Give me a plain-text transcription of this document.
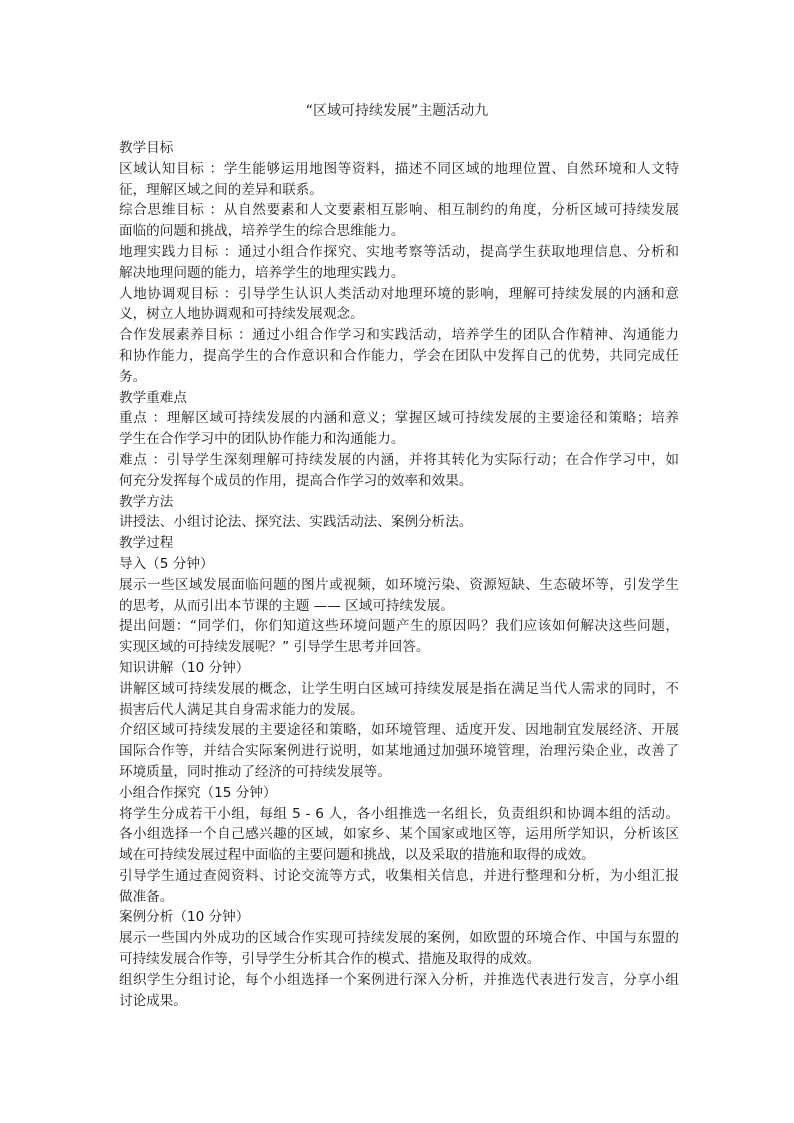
“区域可持续发展”主题活动九
教学目标
区域认知目标 ：学生能够运用地图等资料，描述不同区域的地理位置、自然环境和人文特
征，理解区域之间的差异和联系。
综合思维目标 ：从自然要素和人文要素相互影响、相互制约的角度，分析区域可持续发展
面临的问题和挑战，培养学生的综合思维能力。
地理实践力目标 ：通过小组合作探究、实地考察等活动，提高学生获取地理信息、分析和
解决地理问题的能力，培养学生的地理实践力。
人地协调观目标 ：引导学生认识人类活动对地理环境的影响，理解可持续发展的内涵和意
义，树立人地协调观和可持续发展观念。
合作发展素养目标 ：通过小组合作学习和实践活动，培养学生的团队合作精神、沟通能力
和协作能力，提高学生的合作意识和合作能力，学会在团队中发挥自己的优势，共同完成任
务。
教学重难点
重点 ：理解区域可持续发展的内涵和意义；掌握区域可持续发展的主要途径和策略；培养
学生在合作学习中的团队协作能力和沟通能力。
难点 ：引导学生深刻理解可持续发展的内涵，并将其转化为实际行动；在合作学习中，如
何充分发挥每个成员的作用，提高合作学习的效率和效果。
教学方法
讲授法、小组讨论法、探究法、实践活动法、案例分析法。
教学过程
导入（5 分钟）
展示一些区域发展面临问题的图片或视频，如环境污染、资源短缺、生态破坏等，引发学生
的思考，从而引出本节课的主题 —— 区域可持续发展。
提出问题：“同学们，你们知道这些环境问题产生的原因吗？我们应该如何解决这些问题，
实现区域的可持续发展呢？” 引导学生思考并回答。
知识讲解（10 分钟）
讲解区域可持续发展的概念，让学生明白区域可持续发展是指在满足当代人需求的同时，不
损害后代人满足其自身需求能力的发展。
介绍区域可持续发展的主要途径和策略，如环境管理、适度开发、因地制宜发展经济、开展
国际合作等，并结合实际案例进行说明，如某地通过加强环境管理，治理污染企业，改善了
环境质量，同时推动了经济的可持续发展等。
小组合作探究（15 分钟）
将学生分成若干小组，每组 5 - 6 人，各小组推选一名组长，负责组织和协调本组的活动。
各小组选择一个自己感兴趣的区域，如家乡、某个国家或地区等，运用所学知识，分析该区
域在可持续发展过程中面临的主要问题和挑战，以及采取的措施和取得的成效。
引导学生通过查阅资料、讨论交流等方式，收集相关信息，并进行整理和分析，为小组汇报
做准备。
案例分析（10 分钟）
展示一些国内外成功的区域合作实现可持续发展的案例，如欧盟的环境合作、中国与东盟的
可持续发展合作等，引导学生分析其合作的模式、措施及取得的成效。
组织学生分组讨论，每个小组选择一个案例进行深入分析，并推选代表进行发言，分享小组
讨论成果。
